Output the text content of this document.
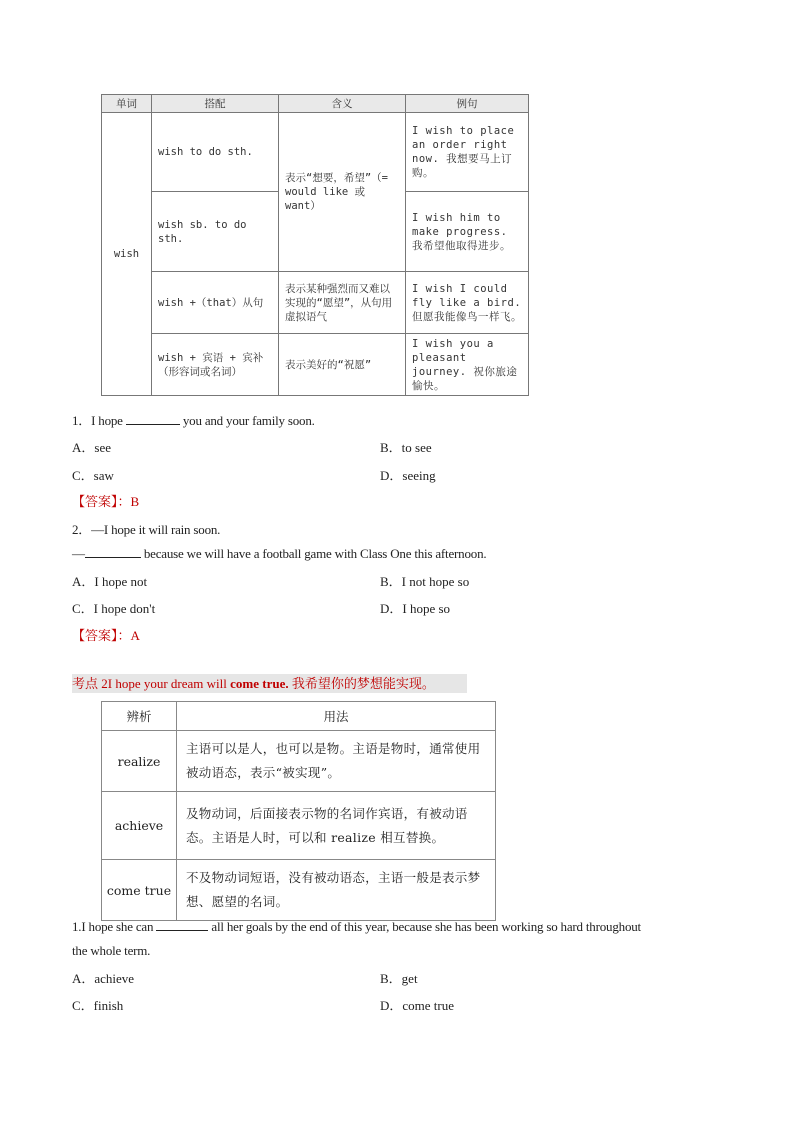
单词	搭配	含义	例句
wish	wish to do sth.	表示“想要，希望”（= would like 或 want）	I wish to place an order right now. 我想要马上订购。
	wish sb. to do sth.		I wish him to make progress. 我希望他取得进步。
	wish +（that）从句	表示某种强烈而又难以实现的“愿望”，从句用虚拟语气	I wish I could fly like a bird. 但愿我能像鸟一样飞。
	wish + 宾语 + 宾补（形容词或名词）	表示美好的“祝愿”	I wish you a pleasant journey. 祝你旅途愉快。
1．I hope	you and your family soon.
A．see	B．to see
C．saw	D．seeing
【答案】：B
2．—I hope it will rain soon.
—	because we will have a football game with Class One this afternoon.
A．I hope not	B．I not hope so
C．I hope don't	D．I hope so
【答案】：A
考点 2I hope your dream will come true. 我希望你的梦想能实现。
辨析	用法
realize	主语可以是人，也可以是物。主语是物时，通常使用被动语态，表示“被实现”。
achieve	及物动词，后面接表示物的名词作宾语，有被动语态。主语是人时，可以和 realize 相互替换。
come true	不及物动词短语，没有被动语态，主语一般是表示梦想、愿望的名词。
1.I hope she can	all her goals by the end of this year, because she has been working so hard throughout
the whole term.
A．achieve	B．get
C．finish	D．come true
